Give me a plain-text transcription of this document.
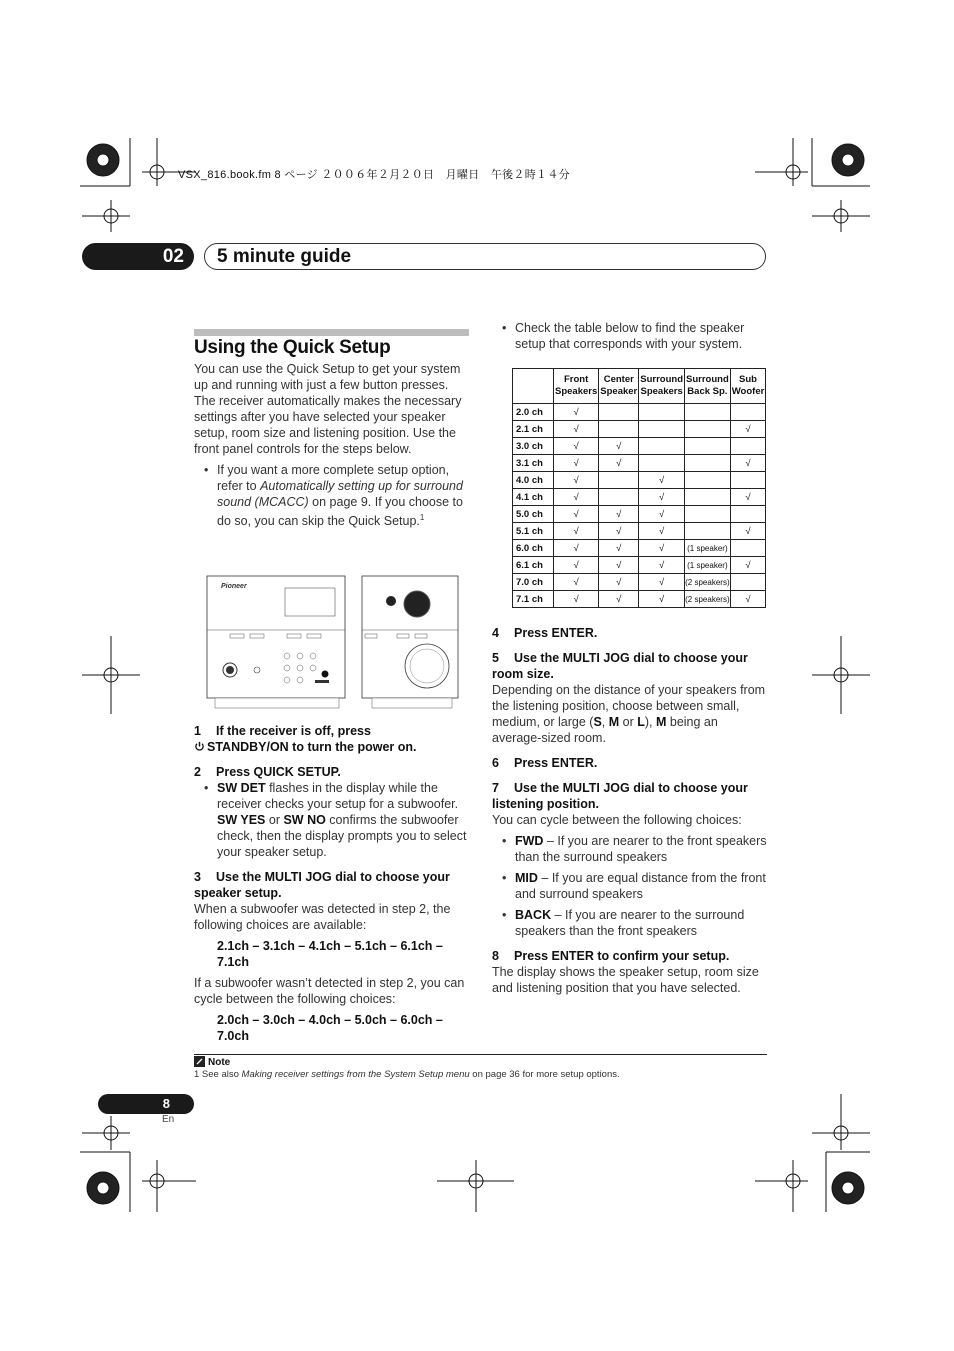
VSX_816.book.fm 8 ページ ２００６年２月２０日　月曜日　午後２時１４分
02	5 minute guide
Using the Quick Setup

You can use the Quick Setup to get your system up and running with just a few button presses. The receiver automatically makes the necessary settings after you have selected your speaker setup, room size and listening position. Use the front panel controls for the steps below.

• If you want a more complete setup option, refer to Automatically setting up for surround sound (MCACC) on page 9. If you choose to do so, you can skip the Quick Setup.$^1$

Pioneer
1 If the receiver is off, press
STANDBY/ON to turn the power on.
2 Press QUICK SETUP.

• SW DET flashes in the display while the receiver checks your setup for a subwoofer. SW YES or SW NO confirms the subwoofer check, then the display prompts you to select your speaker setup.

3 Use the MULTI JOG dial to choose your speaker setup.

When a subwoofer was detected in step 2, the following choices are available:

2.1ch – 3.1ch – 4.1ch – 5.1ch – 6.1ch – 7.1ch

If a subwoofer wasn’t detected in step 2, you can cycle between the following choices:

2.0ch – 3.0ch – 4.0ch – 5.0ch – 6.0ch – 7.0ch

• Check the table below to find the speaker setup that corresponds with your system.

	Front
Speakers	Center
Speaker	Surround
Speakers	Surround
Back Sp.	Sub
Woofer
2.0 ch	√				
2.1 ch	√				√
3.0 ch	√	√			
3.1 ch	√	√			√
4.0 ch	√		√		
4.1 ch	√		√		√
5.0 ch	√	√	√		
5.1 ch	√	√	√		√
6.0 ch	√	√	√	(1 speaker)	
6.1 ch	√	√	√	(1 speaker)	√
7.0 ch	√	√	√	(2 speakers)	
7.1 ch	√	√	√	(2 speakers)	√
4 Press ENTER.
5 Use the MULTI JOG dial to choose your room size.

Depending on the distance of your speakers from the listening position, choose between small, medium, or large (S, M or L), M being an average-sized room.

6 Press ENTER.
7 Use the MULTI JOG dial to choose your listening position.

You can cycle between the following choices:

• FWD – If you are nearer to the front speakers than the surround speakers

• MID – If you are equal distance from the front and surround speakers

• BACK – If you are nearer to the surround speakers than the front speakers

8 Press ENTER to confirm your setup.

The display shows the speaker setup, room size and listening position that you have selected.

Note
1 See also Making receiver settings from the System Setup menu on page 36 for more setup options.
8
En
